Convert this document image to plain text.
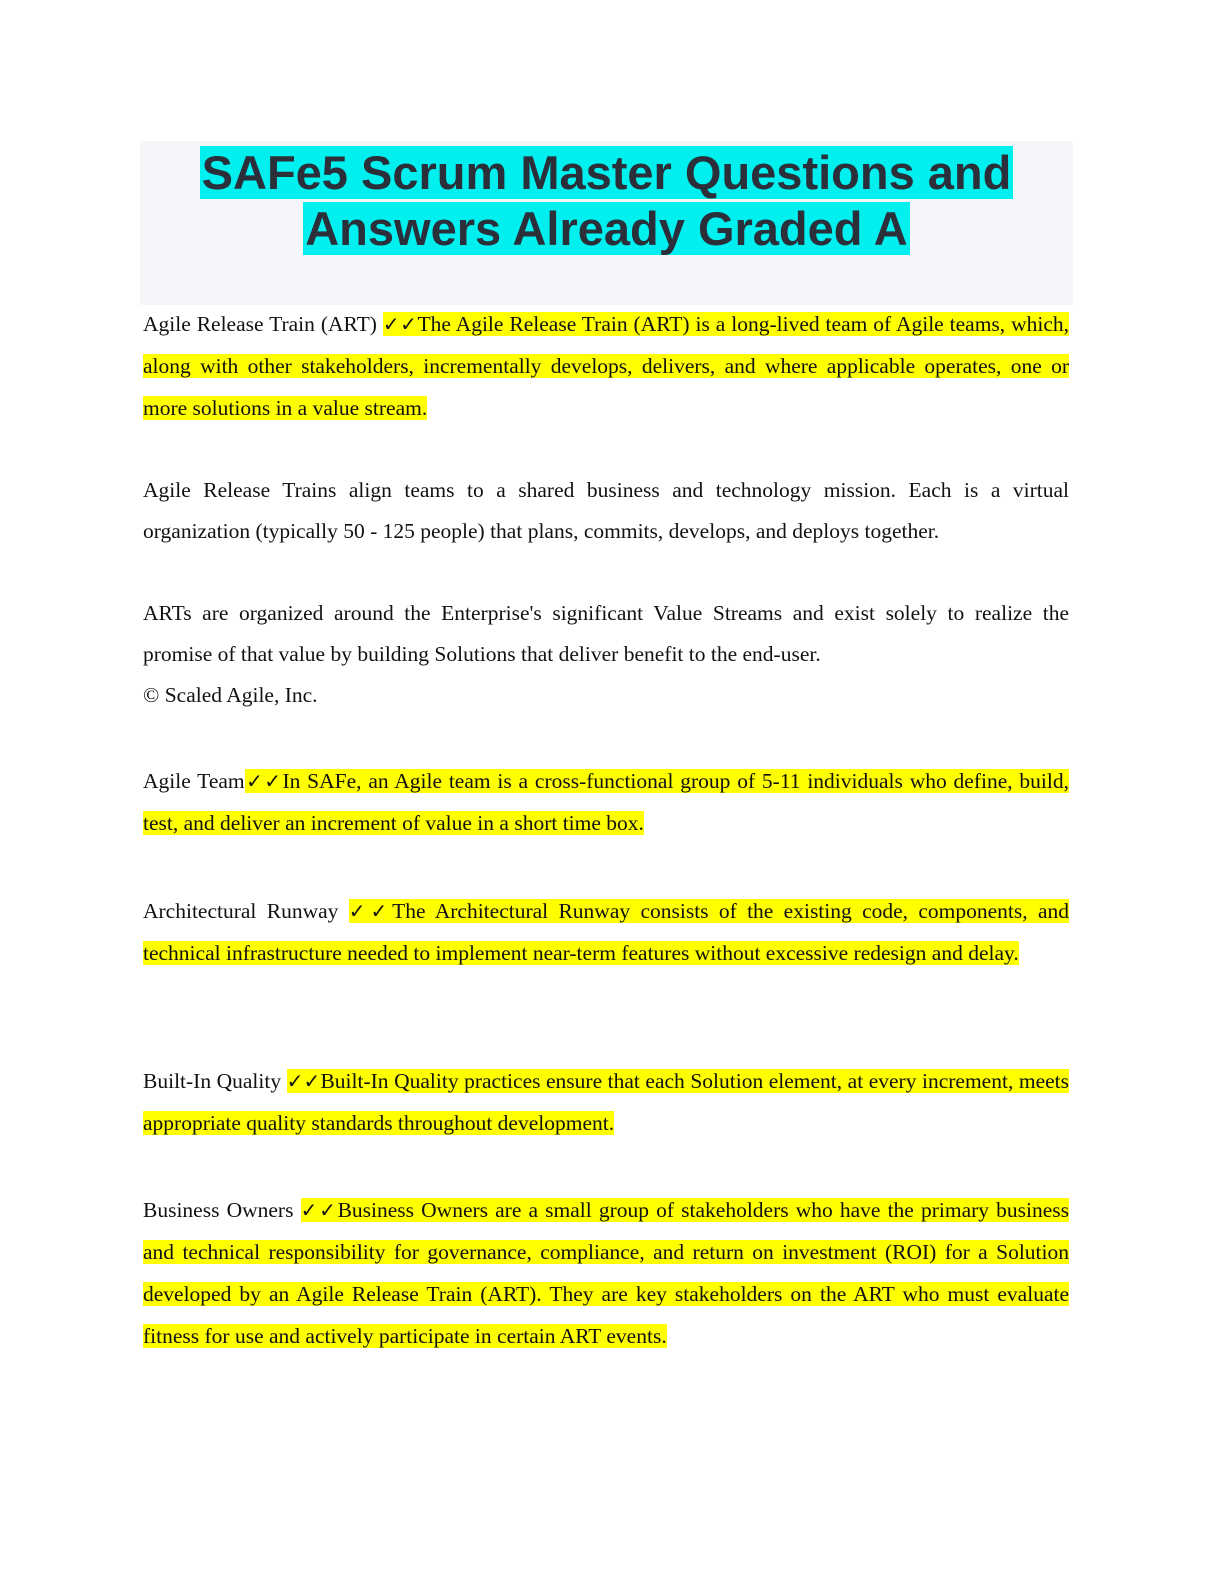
SAFe5 Scrum Master Questions and
Answers Already Graded A

Agile Release Train (ART) ✓✓The Agile Release Train (ART) is a long-lived team of Agile teams, which, along with other stakeholders, incrementally develops, delivers, and where applicable operates, one or more solutions in a value stream.

Agile Release Trains align teams to a shared business and technology mission. Each is a virtual organization (typically 50 - 125 people) that plans, commits, develops, and deploys together.

ARTs are organized around the Enterprise's significant Value Streams and exist solely to realize the promise of that value by building Solutions that deliver benefit to the end-user.

© Scaled Agile, Inc.

Agile Team✓✓In SAFe, an Agile team is a cross-functional group of 5-11 individuals who define, build, test, and deliver an increment of value in a short time box.

Architectural Runway ✓✓The Architectural Runway consists of the existing code, components, and technical infrastructure needed to implement near-term features without excessive redesign and delay.

Built-In Quality ✓✓Built-In Quality practices ensure that each Solution element, at every increment, meets appropriate quality standards throughout development.

Business Owners ✓✓Business Owners are a small group of stakeholders who have the primary business and technical responsibility for governance, compliance, and return on investment (ROI) for a Solution developed by an Agile Release Train (ART). They are key stakeholders on the ART who must evaluate fitness for use and actively participate in certain ART events.
